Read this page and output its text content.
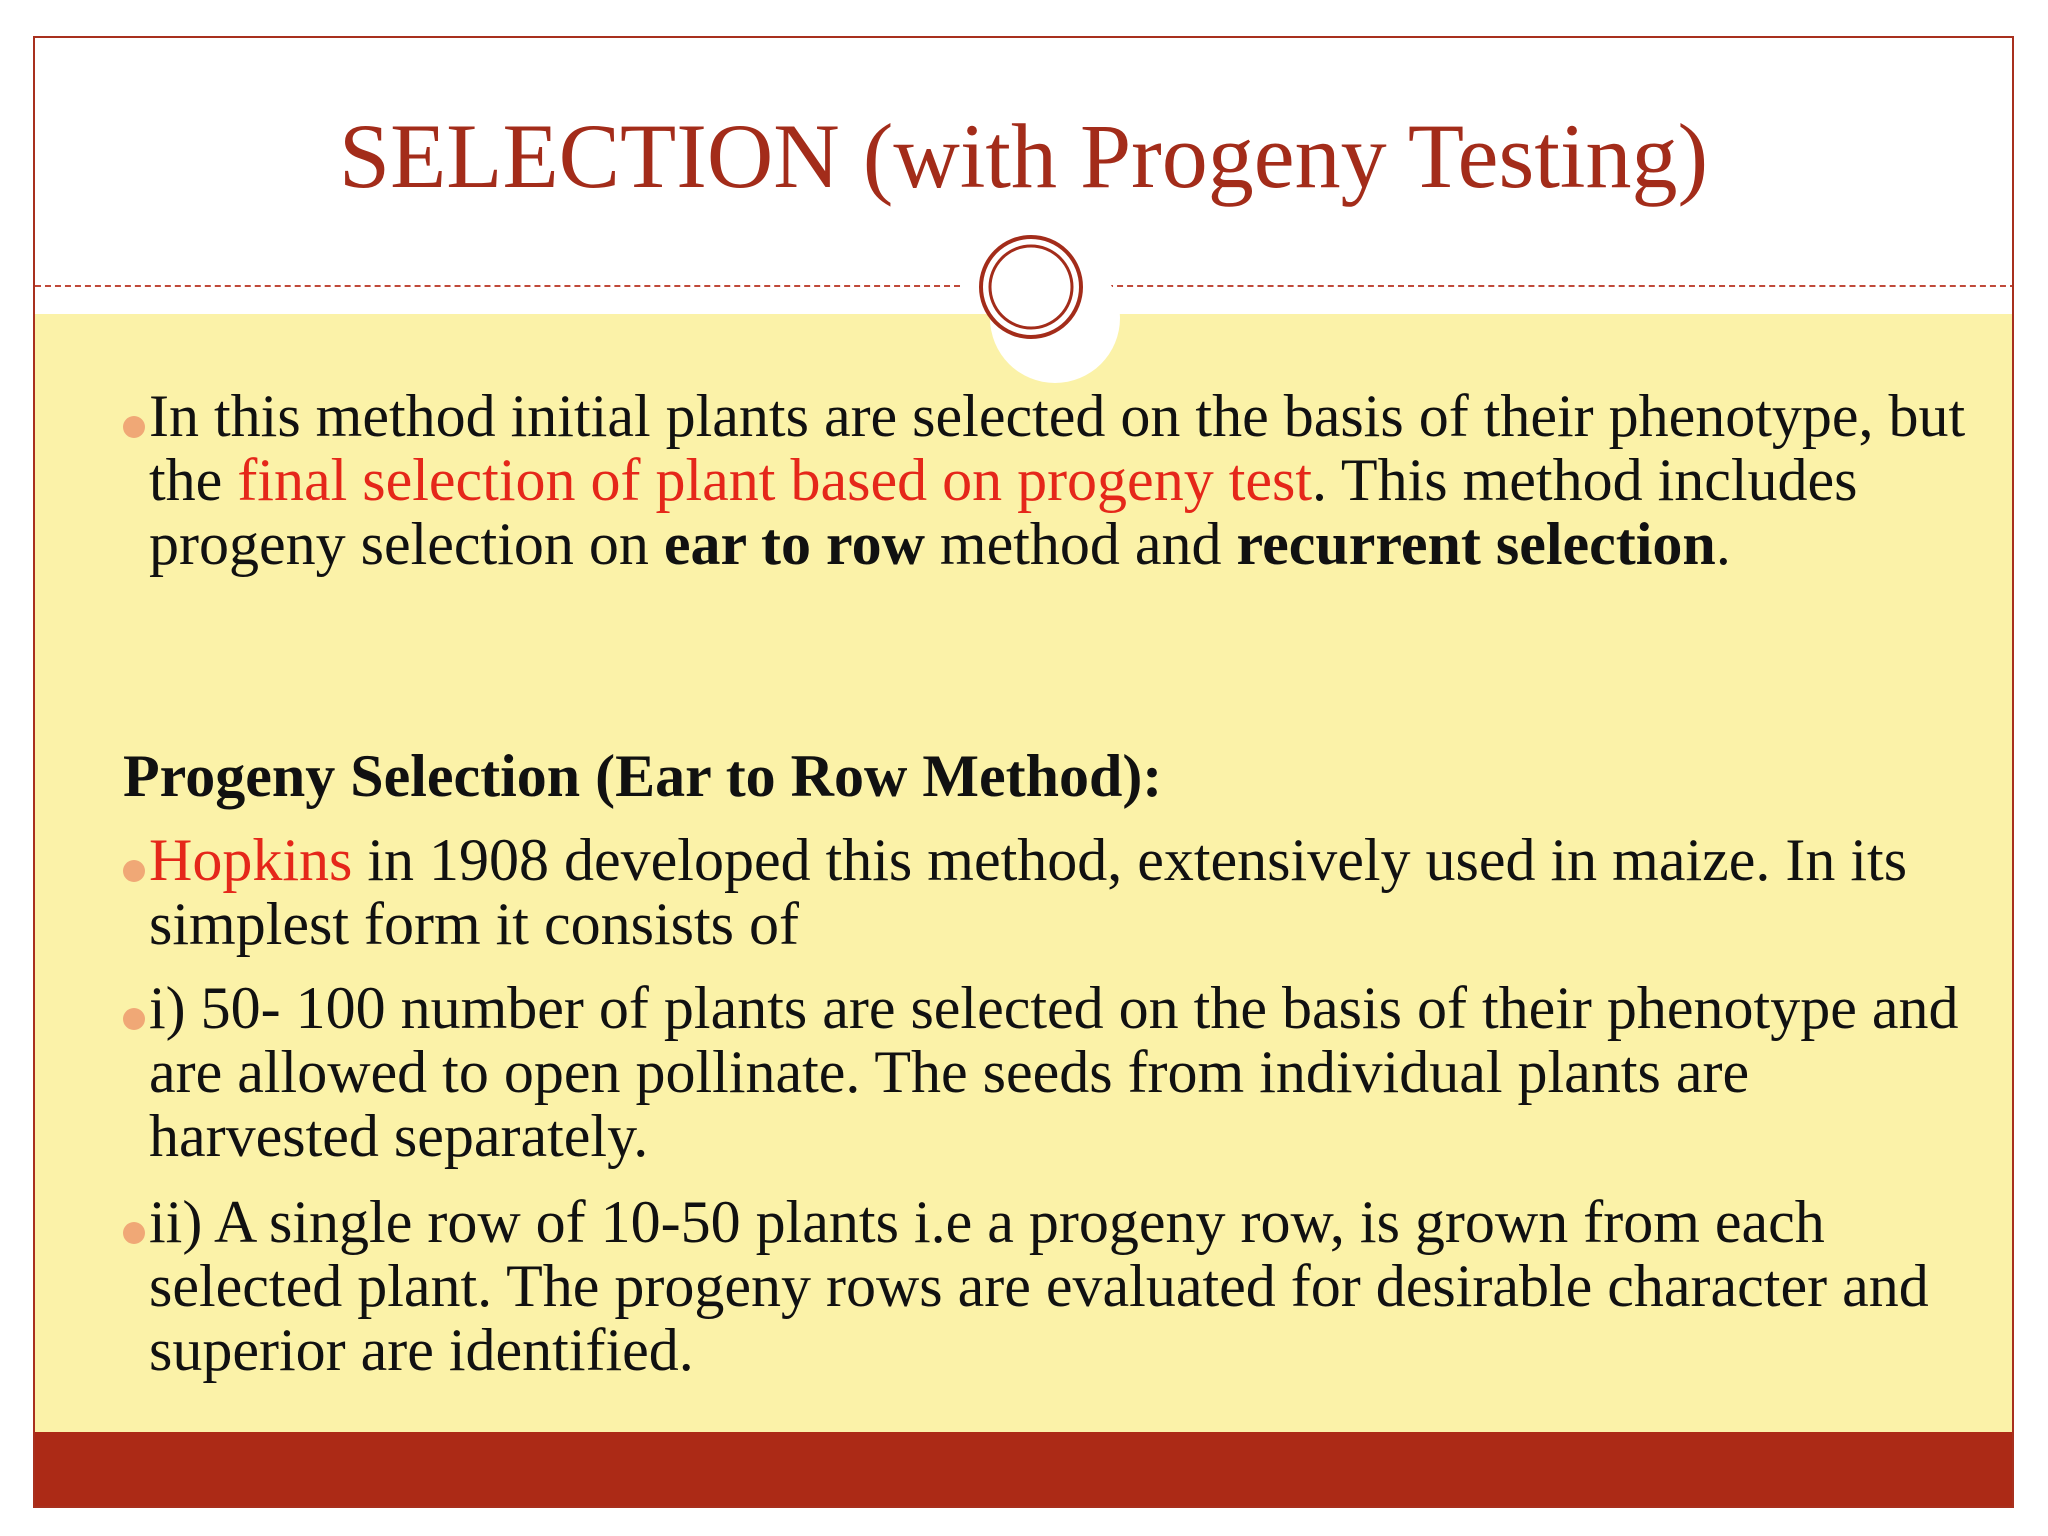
SELECTION (with Progeny Testing)
In this method initial plants are selected on the basis of their phenotype, but the final selection of plant based on progeny test. This method includes progeny selection on ear to row method and recurrent selection.
Progeny Selection (Ear to Row Method):
Hopkins in 1908 developed this method, extensively used in maize. In its simplest form it consists of
i) 50- 100 number of plants are selected on the basis of their phenotype and are allowed to open pollinate. The seeds from individual plants are harvested separately.
ii) A single row of 10-50 plants i.e a progeny row, is grown from each selected plant. The progeny rows are evaluated for desirable character and superior are identified.
